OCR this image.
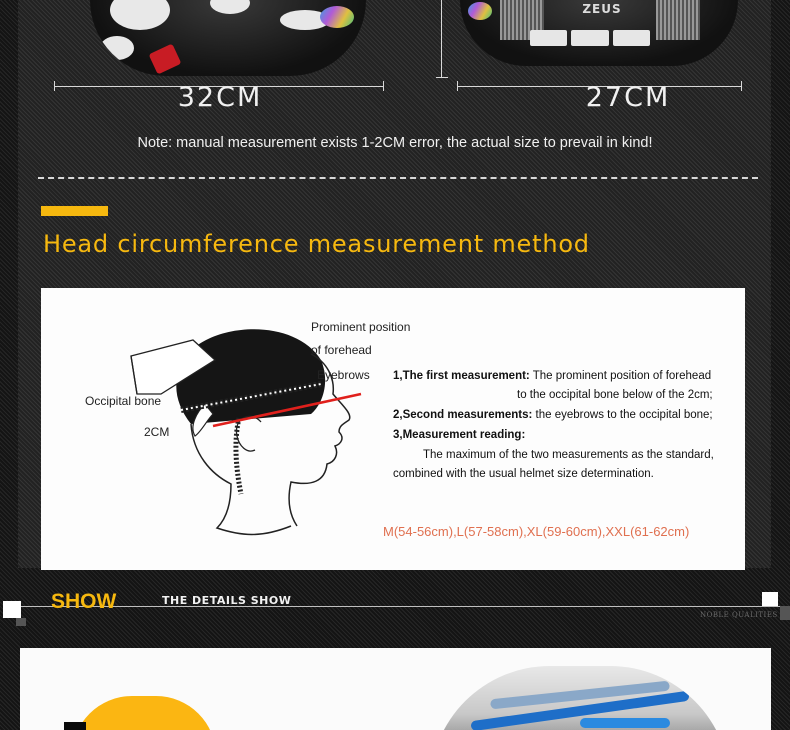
ZEUS
32CM	27CM
Note: manual measurement exists 1-2CM error, the actual size to prevail in kind!
Head circumference measurement method
Prominent position
of forehead
Eyebrows
Occipital bone
2CM
1,The first measurement: The prominent position of forehead
to the occipital bone below of the 2cm;
2,Second measurements: the eyebrows to the occipital bone;
3,Measurement reading:
The maximum of the two measurements as the standard,
combined with the usual helmet size determination.
M(54-56cm),L(57-58cm),XL(59-60cm),XXL(61-62cm)
SHOW	THE DETAILS SHOW
NOBLE QUALITIES
